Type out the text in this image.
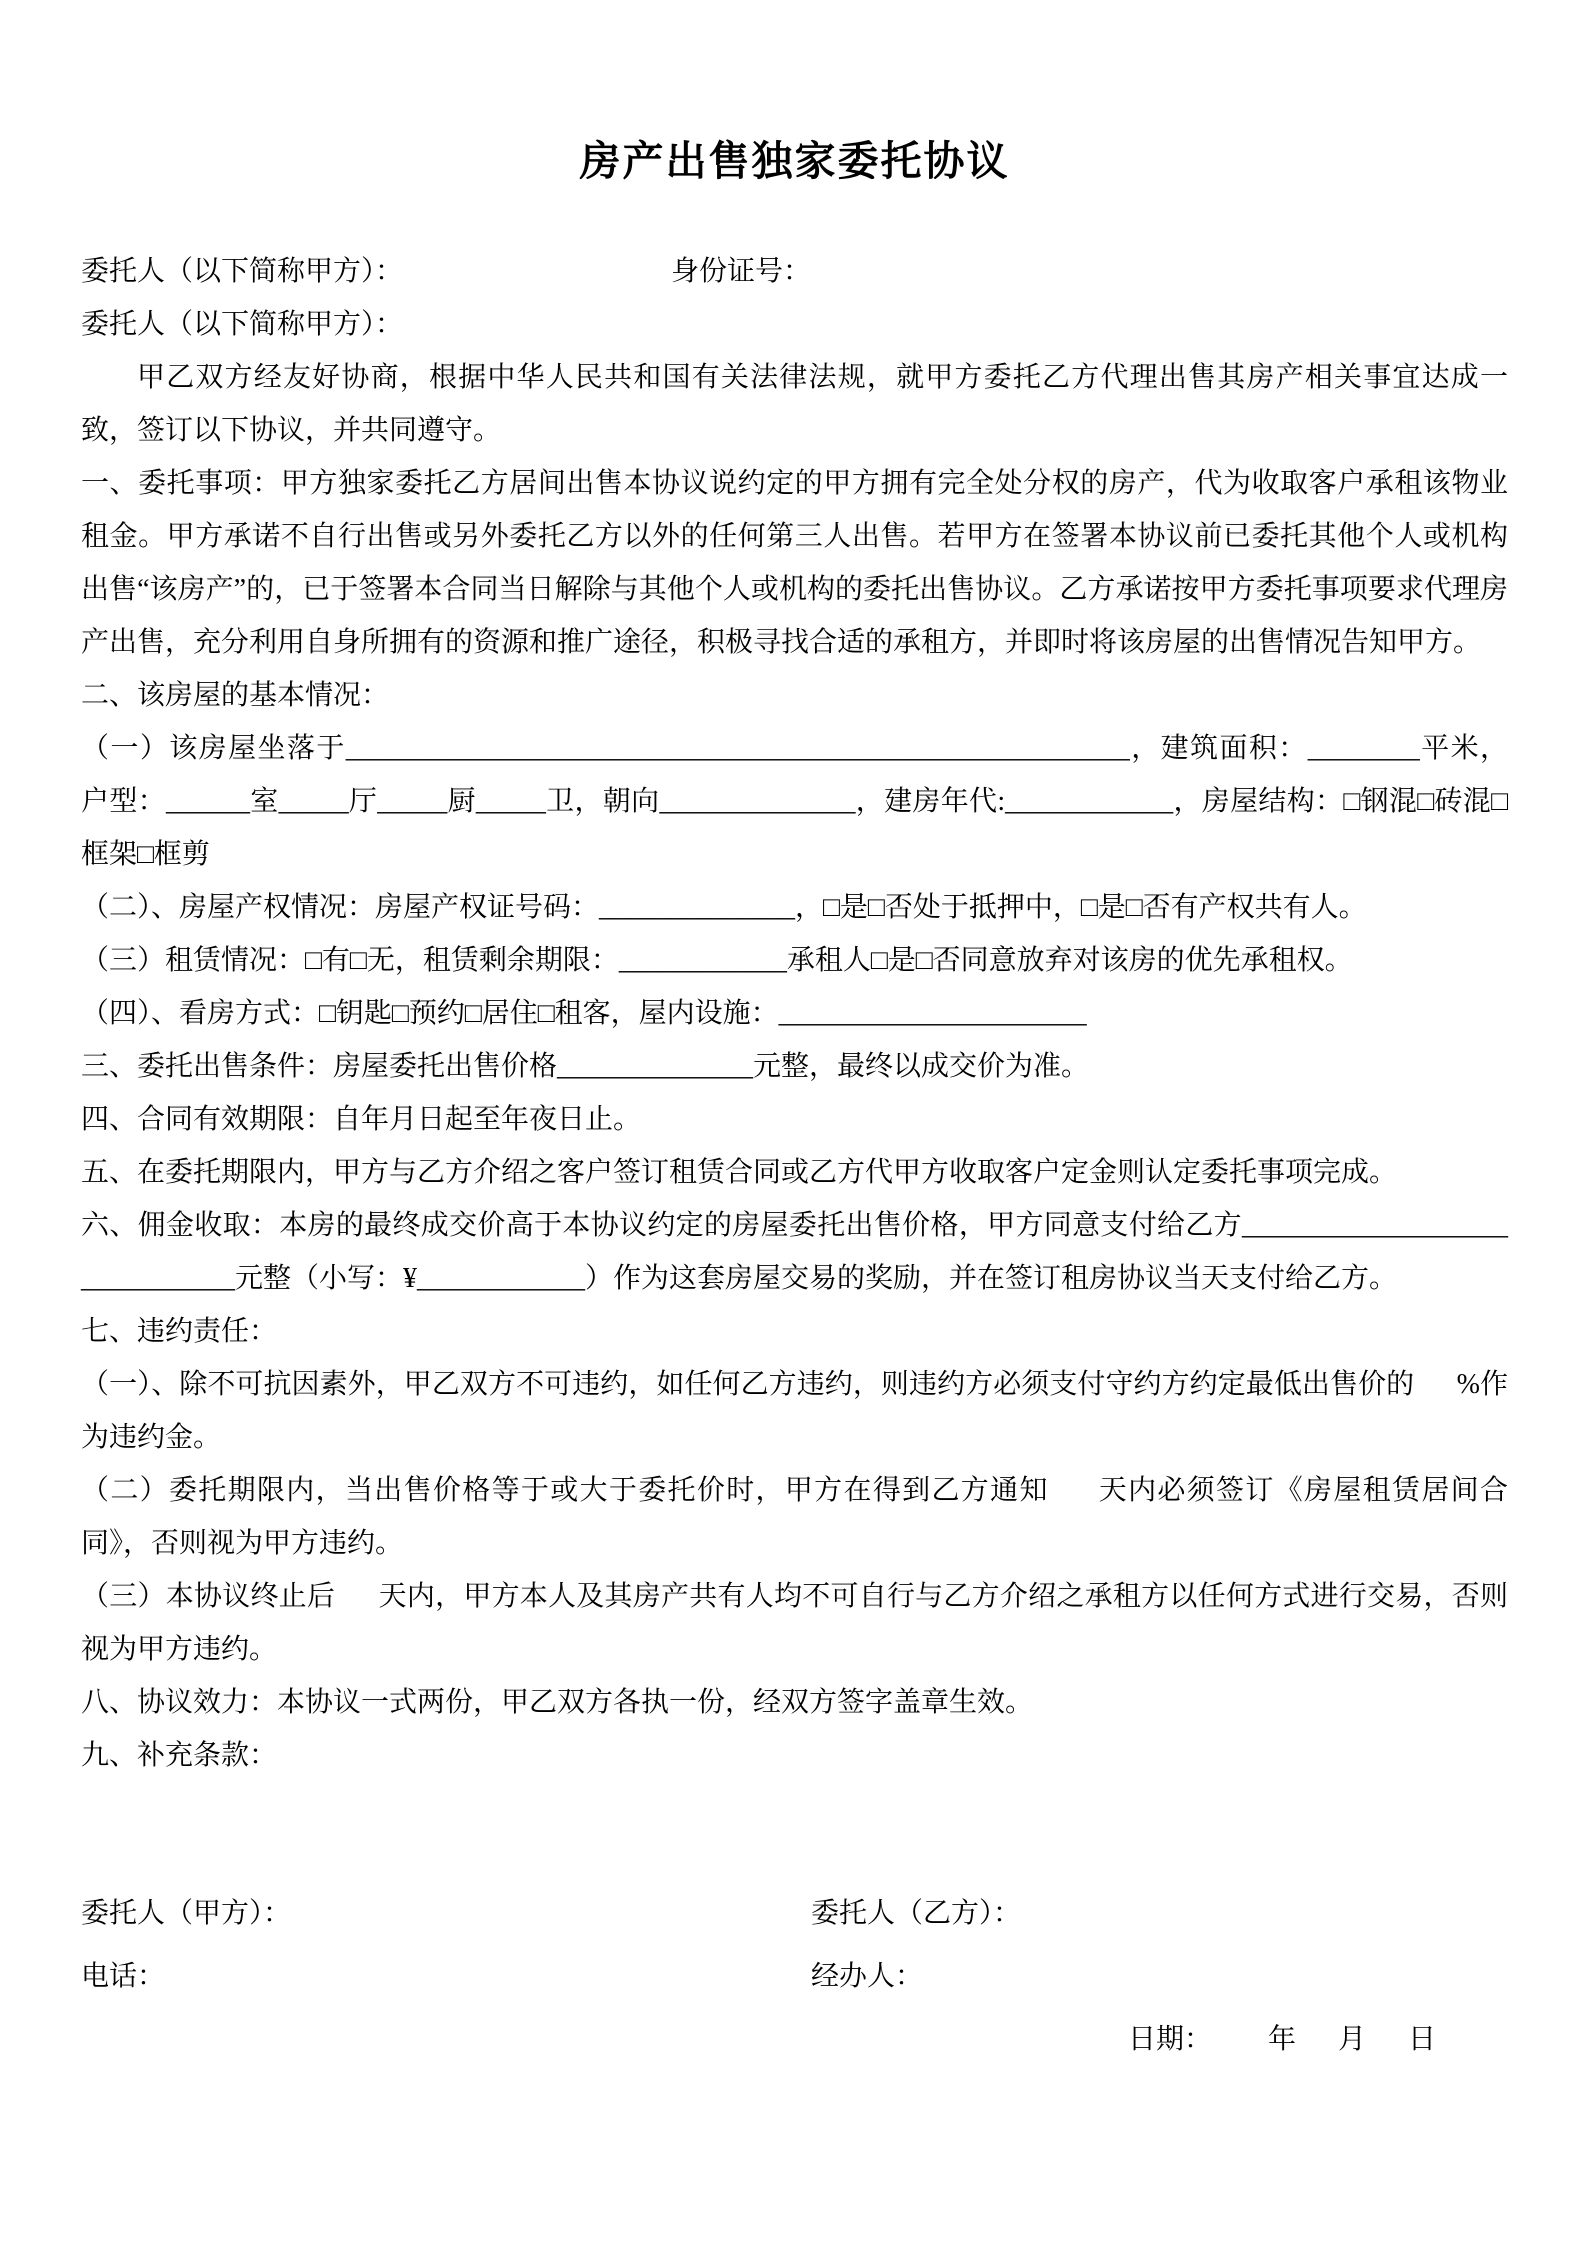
房产出售独家委托协议
委托人（以下简称甲方）：	身份证号：
委托人（以下简称甲方）：
甲乙双方经友好协商，根据中华人民共和国有关法律法规，就甲方委托乙方代理出售其房产相关事宜达成一致，签订以下协议，并共同遵守。
一、委托事项：甲方独家委托乙方居间出售本协议说约定的甲方拥有完全处分权的房产，代为收取客户承租该物业租金。甲方承诺不自行出售或另外委托乙方以外的任何第三人出售。若甲方在签署本协议前已委托其他个人或机构出售“该房产”的，已于签署本合同当日解除与其他个人或机构的委托出售协议。乙方承诺按甲方委托事项要求代理房产出售，充分利用自身所拥有的资源和推广途径，积极寻找合适的承租方，并即时将该房屋的出售情况告知甲方。
二、该房屋的基本情况：
（一）该房屋坐落于________________________________________________________，建筑面积：________平米，户型：______室_____厅_____厨_____卫，朝向______________，建房年代:____________，房屋结构：□钢混□砖混□框架□框剪
（二）、房屋产权情况：房屋产权证号码：______________，□是□否处于抵押中，□是□否有产权共有人。
（三）租赁情况：□有□无，租赁剩余期限：____________承租人□是□否同意放弃对该房的优先承租权。
（四）、看房方式：□钥匙□预约□居住□租客，屋内设施：______________________
三、委托出售条件：房屋委托出售价格______________元整，最终以成交价为准。
四、合同有效期限：自年月日起至年夜日止。
五、在委托期限内，甲方与乙方介绍之客户签订租赁合同或乙方代甲方收取客户定金则认定委托事项完成。
六、佣金收取：本房的最终成交价高于本协议约定的房屋委托出售价格，甲方同意支付给乙方______________________________元整（小写：¥____________）作为这套房屋交易的奖励，并在签订租房协议当天支付给乙方。
七、违约责任：
（一）、除不可抗因素外，甲乙双方不可违约，如任何乙方违约，则违约方必须支付守约方约定最低出售价的      %作为违约金。
（二）委托期限内，当出售价格等于或大于委托价时，甲方在得到乙方通知      天内必须签订《房屋租赁居间合同》，否则视为甲方违约。
（三）本协议终止后      天内，甲方本人及其房产共有人均不可自行与乙方介绍之承租方以任何方式进行交易，否则视为甲方违约。
八、协议效力：本协议一式两份，甲乙双方各执一份，经双方签字盖章生效。
九、补充条款：
委托人（甲方）：	委托人（乙方）：
电话：	经办人：
日期：        年      月      日
